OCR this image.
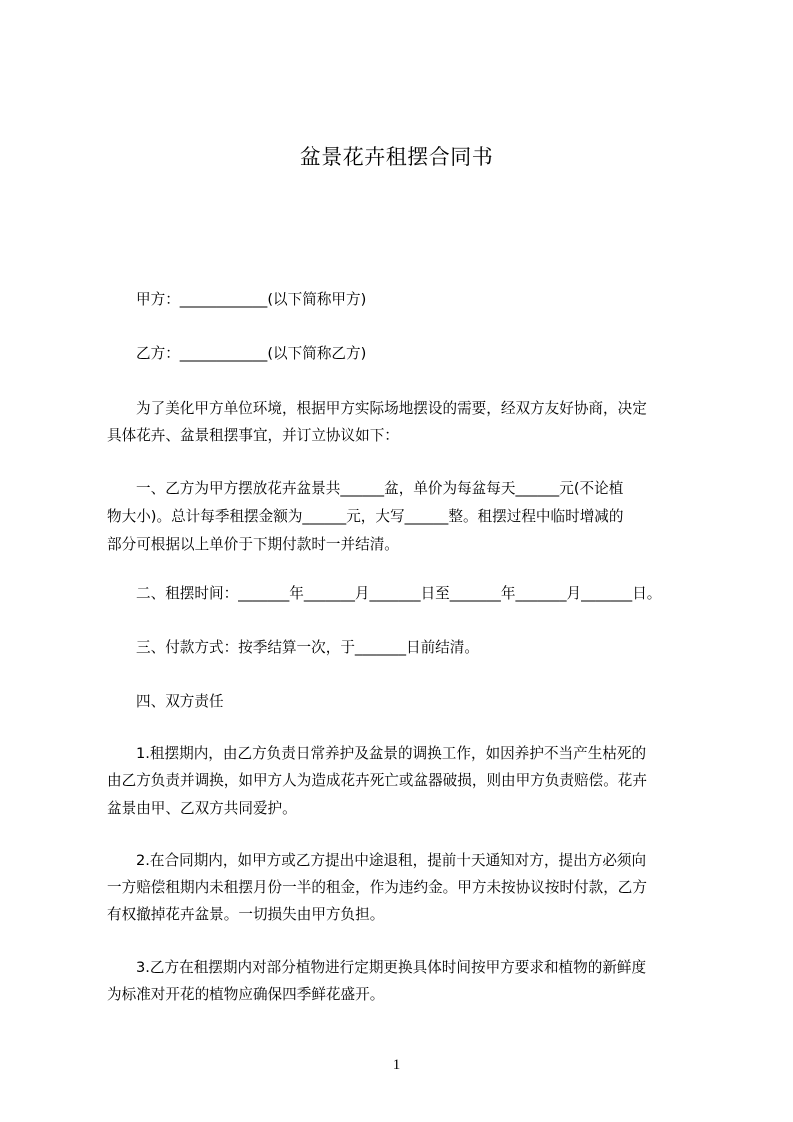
盆景花卉租摆合同书
甲方：____________(以下简称甲方)
乙方：____________(以下简称乙方)
为了美化甲方单位环境，根据甲方实际场地摆设的需要，经双方友好协商，决定
具体花卉、盆景租摆事宜，并订立协议如下：
一、乙方为甲方摆放花卉盆景共______盆，单价为每盆每天______元(不论植
物大小)。总计每季租摆金额为______元，大写______整。租摆过程中临时增减的
部分可根据以上单价于下期付款时一并结清。
二、租摆时间：_______年_______月_______日至_______年_______月_______日。
三、付款方式：按季结算一次，于_______日前结清。
四、双方责任
1.租摆期内，由乙方负责日常养护及盆景的调换工作，如因养护不当产生枯死的
由乙方负责并调换，如甲方人为造成花卉死亡或盆器破损，则由甲方负责赔偿。花卉
盆景由甲、乙双方共同爱护。
2.在合同期内，如甲方或乙方提出中途退租，提前十天通知对方，提出方必须向
一方赔偿租期内未租摆月份一半的租金，作为违约金。甲方未按协议按时付款，乙方
有权撤掉花卉盆景。一切损失由甲方负担。
3.乙方在租摆期内对部分植物进行定期更换具体时间按甲方要求和植物的新鲜度
为标准对开花的植物应确保四季鲜花盛开。
1
